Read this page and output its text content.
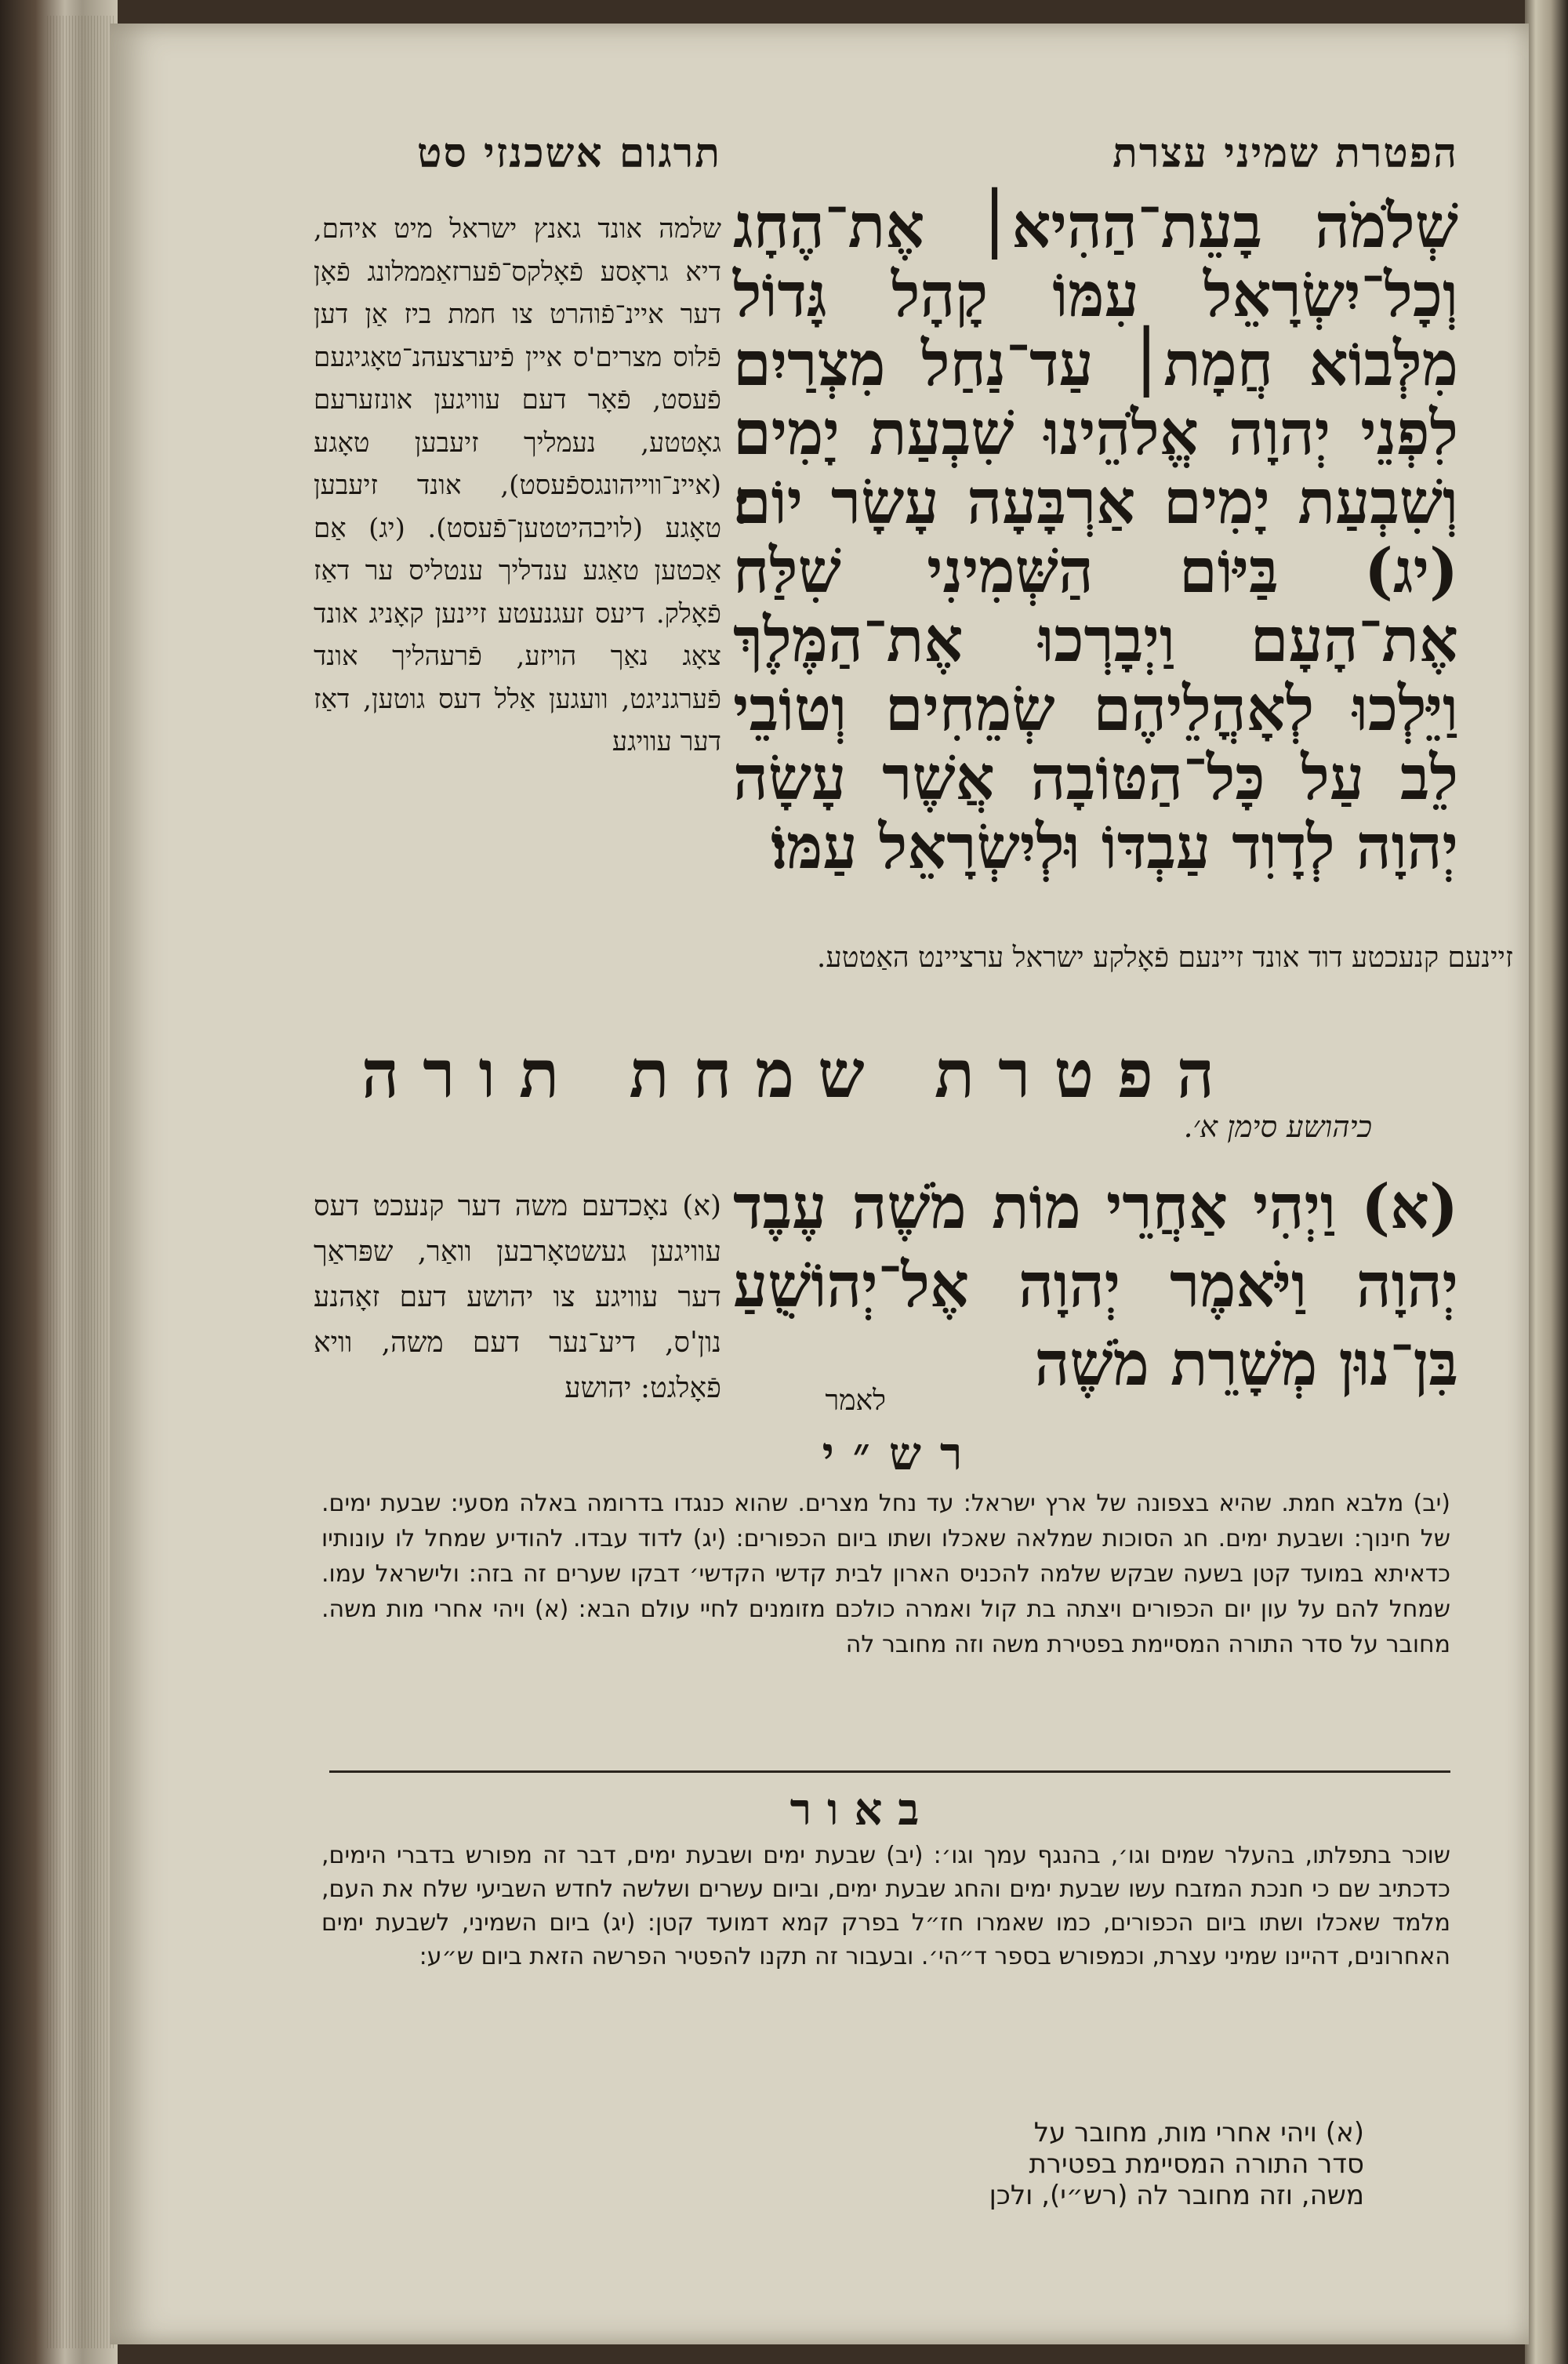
הפטרת שמיני עצרת
תרגום אשכנזי סט
שְׁלֹמֹה בָעֵת־הַהִיא׀ אֶת־הֶחָג וְכָל־יִשְׂרָאֵל עִמּוֹ קָהָל גָּדוֹל מִלְּבוֹא חֲמָת׀ עַד־נַחַל מִצְרַיִם לִפְנֵי יְהוָה אֱלֹהֵינוּ שִׁבְעַת יָמִים וְשִׁבְעַת יָמִים אַרְבָּעָה עָשָׂר יוֹם׃ (יג) בַּיּוֹם הַשְּׁמִינִי שִׁלַּח אֶת־הָעָם וַיְבָרְכוּ אֶת־הַמֶּלֶךְ וַיֵּלְכוּ לְאָהֳלֵיהֶם שְׂמֵחִים וְטוֹבֵי לֵב עַל כָּל־הַטּוֹבָה אֲשֶׁר עָשָׂה יְהוָה לְדָוִד עַבְדּוֹ וּלְיִשְׂרָאֵל עַמּוֹ׃
שלמה אונד גאנץ ישראל מיט איהם, דיא גראָסע פֿאָלקס־פֿערזאַממלונג פֿאָן דער איינ־פֿוהרט צו חמת ביז אַן דען פֿלוס מצרים'ס איין פֿיערצעהנ־טאָגיגעם פֿעסט, פֿאָר דעם עוויגען אונזערעם גאָטטע, נעמליך זיעבען טאָגע (איינ־ווייהונגספֿעסט), אונד זיעבען טאָגע (לויבהיטטען־פֿעסט). (יג) אַם אַכטען טאַגע ענדליך ענטליס ער דאַז פֿאָלק. דיעס זעגנעטע זיינען קאָניג אונד צאָג נאַך הויזע, פֿרעהליך אונד פֿערגניגט, וועגען אַלל דעס גוטען, דאַז דער עוויגע
זיינעם קנעכטע דוד אונד זיינעם פֿאָלקע ישראל ערציינט האַטטע.
הפטרת שמחת תורה
כיהושע סימן א׳.
(א) וַיְהִי אַחֲרֵי מוֹת מֹשֶׁה עֶבֶד יְהוָה וַיֹּאמֶר יְהוָה אֶל־יְהוֹשֻׁעַ בִּן־נוּן מְשָׁרֵת מֹשֶׁה
לאמר
(א) נאָכדעם משה דער קנעכט דעס עוויגען געשטאָרבען וואַר, שפּראַך דער עוויגע צו יהושע דעם זאָהנע נון'ס, דיע־נער דעם משה, וויא פֿאָלגט: יהושע
רש״י
(יב) מלבא חמת. שהיא בצפונה של ארץ ישראל: עד נחל מצרים. שהוא כנגדו בדרומה באלה מסעי: שבעת ימים. של חינוך: ושבעת ימים. חג הסוכות שמלאה שאכלו ושתו ביום הכפורים: (יג) לדוד עבדו. להודיע שמחל לו עונותיו כדאיתא במועד קטן בשעה שבקש שלמה להכניס הארון לבית קדשי הקדשי׳ דבקו שערים זה בזה: ולישראל עמו. שמחל להם על עון יום הכפורים ויצתה בת קול ואמרה כולכם מזומנים לחיי עולם הבא: (א) ויהי אחרי מות משה. מחובר על סדר התורה המסיימת בפטירת משה וזה מחובר לה
באור
שוכר בתפלתו, בהעלר שמים וגו׳, בהנגף עמך וגו׳: (יב) שבעת ימים ושבעת ימים, דבר זה מפורש בדברי הימים, כדכתיב שם כי חנכת המזבח עשו שבעת ימים והחג שבעת ימים, וביום עשרים ושלשה לחדש השביעי שלח את העם, מלמד שאכלו ושתו ביום הכפורים, כמו שאמרו חז״ל בפרק קמא דמועד קטן: (יג) ביום השמיני, לשבעת ימים האחרונים, דהיינו שמיני עצרת, וכמפורש בספר ד״הי׳. ובעבור זה תקנו להפטיר הפרשה הזאת ביום ש״ע:
(א) ויהי אחרי מות, מחובר על סדר התורה המסיימת בפטירת משה, וזה מחובר לה (רש״י), ולכן
